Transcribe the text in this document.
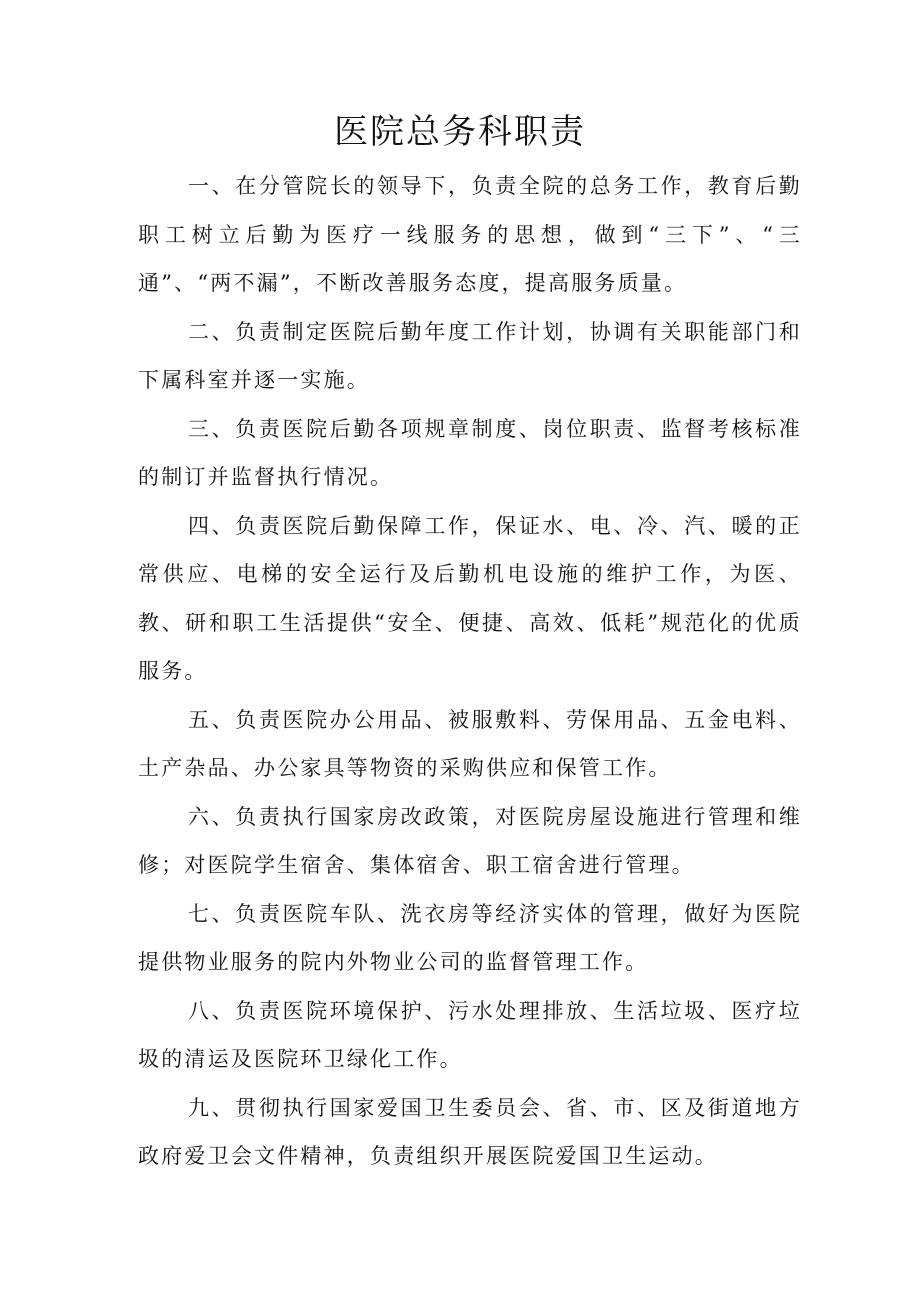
医院总务科职责

一、在分管院长的领导下，负责全院的总务工作，教育后勤职工树立后勤为医疗一线服务的思想，做到“三下”、“三通”、“两不漏”，不断改善服务态度，提高服务质量。

二、负责制定医院后勤年度工作计划，协调有关职能部门和下属科室并逐一实施。

三、负责医院后勤各项规章制度、岗位职责、监督考核标准的制订并监督执行情况。

四、负责医院后勤保障工作，保证水、电、冷、汽、暖的正常供应、电梯的安全运行及后勤机电设施的维护工作，为医、教、研和职工生活提供“安全、便捷、高效、低耗”规范化的优质服务。

五、负责医院办公用品、被服敷料、劳保用品、五金电料、土产杂品、办公家具等物资的采购供应和保管工作。

六、负责执行国家房改政策，对医院房屋设施进行管理和维修；对医院学生宿舍、集体宿舍、职工宿舍进行管理。

七、负责医院车队、洗衣房等经济实体的管理，做好为医院提供物业服务的院内外物业公司的监督管理工作。

八、负责医院环境保护、污水处理排放、生活垃圾、医疗垃圾的清运及医院环卫绿化工作。

九、贯彻执行国家爱国卫生委员会、省、市、区及街道地方政府爱卫会文件精神，负责组织开展医院爱国卫生运动。
